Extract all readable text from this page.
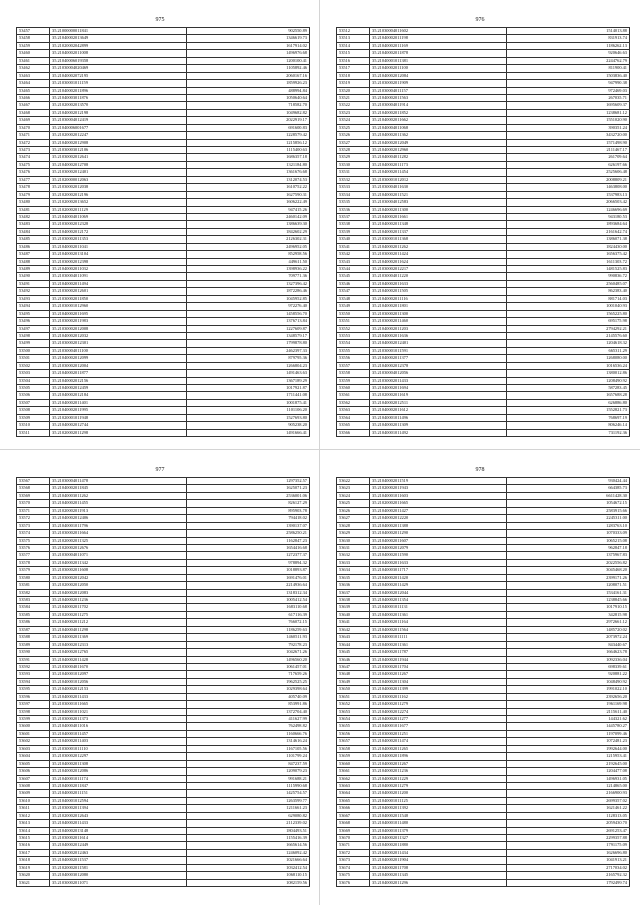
975
53457	35.21000000011841	902550.89
53458	35.21040002013649	1346619.73
53459	35.21020002042899	1617914.02
53460	35.21040002011008	1496976.68
53461	35.21040006019358	1200100.41
53462	35.21030004020469	1105892.46
53463	35.21040002072195	2060167.16
53464	35.21030001011159	1859926.23
53465	35.21040002011896	488994.84
53466	35.21040003011876	1050640.64
53467	35.21020002013570	718582.70
53468	35.21040002012198	1049682.82
53469	35.21030004012419	2022919.17
53470	35.21040006001677	691600.83
53471	35.21020002012247	1228579.42
53472	35.21040002012908	1215856.12
53473	35.21030003012106	1115400.63
53474	35.21030002012641	1686357.18
53475	35.21040002012708	1321184.80
53476	35.21030002012401	1361676.68
53477	35.21020000012063	1312074.53
53478	35.21030002012038	1610752.22
53479	35.21020002012196	1627590.31
53480	35.21020002013652	1606222.49
53481	35.21020002011129	947415.26
53482	35.21040004011069	2460142.09
53483	35.21030002012328	1386639.30
53484	35.21040002012172	1842602.29
53485	35.21030002011353	2126302.31
53486	35.21040002011041	2496952.05
53487	35.21040002013104	852958.56
53488	35.21030002012398	449611.50
53489	35.21040002011032	1398936.22
53490	35.21030004011091	709771.36
53491	35.21040002011494	1327396.42
53492	35.21030002012601	1872286.46
53493	35.21030002011850	1045952.85
53494	35.21030001012960	972276.40
53495	35.21040002011695	1458556.70
53496	35.21030002011983	1376713.84
53497	35.21030002012008	1227609.87
53498	35.21040002012032	1348579.17
53499	35.21030002012301	1799878.80
53500	35.21030004011100	2462397.33
53501	35.21040002012099	879795.36
53502	35.21030002012004	1266804.23
53503	35.21040002011877	1491463.63
53504	35.21040002012156	1367189.29
53505	35.21040002012459	1017921.87
53506	35.21040002012184	1711441.08
53507	35.21040002011401	1001875.41
53508	35.21040002011995	1101106.20
53509	35.21020001011948	1527693.80
53510	35.21040002012744	905238.20
53511	35.21020002011298	1491666.41
976
53512	35.21030004011602	1514013.88
53513	35.21040002011198	831913.74
53514	35.21040002011169	1186262.13
53515	35.21040002011878	920646.63
53516	35.21040001011381	2244762.79
53517	35.21040002011100	811900.41
53518	35.21040002012084	1503836.40
53519	35.21030002011909	947990.38
53520	35.21030004011157	972469.03
53521	35.21040002011563	267035.71
53522	35.21030004011914	1695609.37
53523	35.21040002011852	1238681.12
53524	35.21040002011662	1551020.90
53525	35.21040004011068	390351.24
53526	35.21040002011362	3432720.00
53527	35.21040002012049	1571498.90
53528	35.21040002012960	2111467.17
53529	35.21040004011282	261709.64
53530	35.21040002011173	626197.66
53531	35.21040002011454	2525606.48
53532	35.21030001012012	2008809.21
53533	35.21030004011630	1463808.00
53534	35.21040002011521	1537983.13
53535	35.21030004012583	2066503.42
53536	35.21040002011300	1246696.69
53537	35.21040002011661	943180.53
53538	35.21040002011348	1893684.64
53539	35.21040002011337	2161642.74
53540	35.21030001011368	1386071.38
53541	35.21040002011262	1824430.00
53542	35.21030002011424	1656375.42
53543	35.21040002011624	1611303.72
53544	35.21030002012217	1481525.83
53545	35.21030004011220	990836.72
53546	35.21040002011633	2560485.07
53547	35.21040002011505	862383.40
53548	35.21040002011116	881714.03
53549	35.21040002011801	1001040.93
53550	35.21030002011300	1565225.80
53551	35.21030002011460	695175.98
53552	35.21040002011203	2794292.21
53553	35.21040002011636	2145576.60
53554	35.21040002012401	1204618.32
53555	35.21030001011591	665311.29
53556	35.21040002011377	1268080.00
53557	35.21040002012378	1016536.24
53558	35.21030004012056	1380012.86
53559	35.21030002011433	1208490.92
53560	35.21040002011694	587283.45
53561	35.21020002011619	1657688.28
53562	35.21040002012511	626886.80
53563	35.21040002011612	1552821.73
53564	35.21040001011496	768697.19
53565	35.21040002011309	806246.14
53566	35.21040001011492	731192.36
977
53567	35.21030004011478	1297352.57
53568	35.21040002011845	1625071.23
53569	35.21040003011262	2536001.06
53570	35.21040002011455	826127.29
53571	35.21020002011913	895903.78
53572	35.21040002012406	794418.02
53573	35.21040001011796	1390137.07
53574	35.21030002011664	2586250.21
53575	35.21020002011325	1162847.23
53576	35.21020002012676	1654416.68
53577	35.21030004011071	1272377.37
53578	35.21040002011342	978894.32
53579	35.21030002011608	1018893.87
53580	35.21030002012042	1691476.01
53581	35.21020002012050	2214936.64
53582	35.21040002012083	1318312.34
53583	35.21040002011236	1005412.54
53584	35.21040002011702	1683110.68
53585	35.21020002011275	617116.39
53586	35.21040002011212	766072.15
53587	35.21040004011298	1186259.63
53588	35.21040002011369	1460511.93
53589	35.21040002012313	792178.23
53590	35.21040002012765	1042671.26
53591	35.21040002011428	1496560.20
53592	35.21030004011670	1061457.01
53593	35.21040001012097	717659.26
53594	35.21040001012056	1962525.25
53595	35.21040002012153	1029398.64
53596	35.21040002011433	405740.09
53597	35.21030001011665	853991.86
53598	35.21040001011021	1372704.40
53599	35.21030002011373	411627.99
53600	35.21040004011016	762498.82
53601	35.21040001011457	1160666.76
53602	35.21040002011403	1314616.24
53603	35.21030001011110	1167105.56
53604	35.21030002012297	1101799.24
53605	35.21040002011308	847237.59
53606	35.21040002012086	1209079.23
53607	35.21040001011174	991688.21
53608	35.21040002011847	1115990.68
53609	35.21040002011151	1425754.57
53610	35.21040001012594	1263599.77
53611	35.21030002011394	1211661.23
53612	35.21020002012643	629080.82
53613	35.21040002011433	2112339.02
53614	35.21040002013148	1804493.51
53615	35.21030002011614	1155416.39
53616	35.21040002012449	1665614.56
53617	35.21040002012463	1246092.42
53618	35.21040002011537	1021666.64
53619	35.21020002011581	1032412.54
53620	35.21040003012080	1068110.15
53621	35.21030002011071	1082159.56
978
53622	35.21040002011519	930424.44
53623	35.21020002011943	664385.73
53624	35.21040001011603	6611428.30
53625	35.21020002011665	1054672.15
53626	35.21040002011427	2583915.66
53627	35.21040002012220	2245311.00
53628	35.21040002011388	1283763.10
53629	35.21040002011290	1070333.09
53630	35.21040002011607	1065215.08
53631	35.21040002012079	962847.18
53632	35.21040002011590	1375967.83
53633	35.21040002011633	2022556.82
53634	35.21040003011717	3045468.20
53635	35.21040002011420	2399171.26
53636	35.21040002011429	1208071.51
53637	35.21040002012044	1534161.31
53638	35.21040002011354	1238845.66
53639	35.21040001011131	1017910.15
53640	35.21040002011361	342815.98
53641	35.21040002011164	2972661.12
53642	35.21040002011564	1485720.02
53643	35.21040001011111	2073972.24
53644	35.21040002011361	843440.67
53645	35.21040002011787	1664623.78
53646	35.21040002011944	1092336.04
53647	35.21030002011704	698339.61
53648	35.21040002011267	920881.22
53649	35.21040002011304	1048490.92
53650	35.21040002011399	1991022.10
53651	35.21030002011162	2392656.20
53652	35.21040002011279	1961169.98
53653	35.21040002012274	2115611.40
53654	35.21040002011277	144321.62
53655	35.21040001011677	1445780.27
53656	35.21030002011251	1197099.46
53657	35.21040002011474	1072481.23
53658	35.21040002011265	1992644.00
53659	35.21040002011896	1215953.41
53660	35.21040002011267	2192645.00
53661	35.21040002011236	1204477.08
53662	35.21040002011229	1496931.05
53663	35.21040002011279	1214865.00
53664	35.21040002011200	2166900.93
53665	35.21040001011125	2699357.02
53666	35.21040002011392	1621461.22
53667	35.21040002011548	1128313.05
53668	35.21040001011480	2059430.70
53669	35.21040001011379	2691253.47
53670	35.21040002011327	2299357.88
53671	35.21040002011880	1791175.09
53672	35.21040002011434	1626696.80
53673	35.21040002011904	1041913.21
53674	35.21040002011708	2717034.02
53675	35.21040002011345	2165792.32
53676	35.21040002011296	1792499.74
